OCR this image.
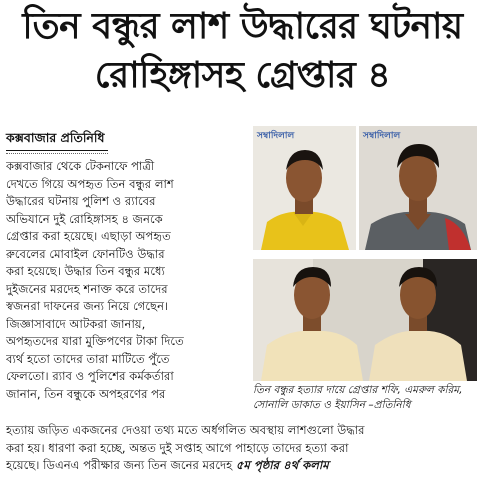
তিন বন্ধুর লাশ উদ্ধারের ঘটনায়
রোহিঙ্গাসহ গ্রেপ্তার ৪
কক্সবাজার প্রতিনিধি
কক্সবাজার থেকে টেকনাফে পাত্রী
দেখতে গিয়ে অপহৃত তিন বন্ধুর লাশ
উদ্ধারের ঘটনায় পুলিশ ও র‌্যাবের
অভিযানে দুই রোহিঙ্গাসহ ৪ জনকে
গ্রেপ্তার করা হয়েছে। এছাড়া অপহৃত
রুবেলের মোবাইল ফোনটিও উদ্ধার
করা হয়েছে। উদ্ধার তিন বন্ধুর মধ্যে
দুইজনের মরদেহ শনাক্ত করে তাদের
স্বজনরা দাফনের জন্য নিয়ে গেছেন।
জিজ্ঞাসাবাদে আটকরা জানায়,
অপহৃতদের যারা মুক্তিপণের টাকা দিতে
ব্যর্থ হতো তাদের তারা মাটিতে পুঁতে
ফেলতো। র‌্যাব ও পুলিশের কর্মকর্তারা
জানান, তিন বন্ধুকে অপহরণের পর
হত্যায় জড়িত একজনের দেওয়া তথ্য মতে অর্ধগলিত অবস্থায় লাশগুলো উদ্ধার
করা হয়। ধারণা করা হচ্ছে, অন্তত দুই সপ্তাহ আগে পাহাড়ে তাদের হত্যা করা
হয়েছে। ডিএনএ পরীক্ষার জন্য তিন জনের মরদেহ ৫ম পৃষ্ঠার ৪র্থ কলাম
সম্বাদিলাল	সম্বাদিলাল
তিন বন্ধুর হত্যার দায়ে গ্রেপ্তার শফি, এমরুল করিম, সোনালি ডাকাত ও ইয়াসিন –প্রতিনিধি
